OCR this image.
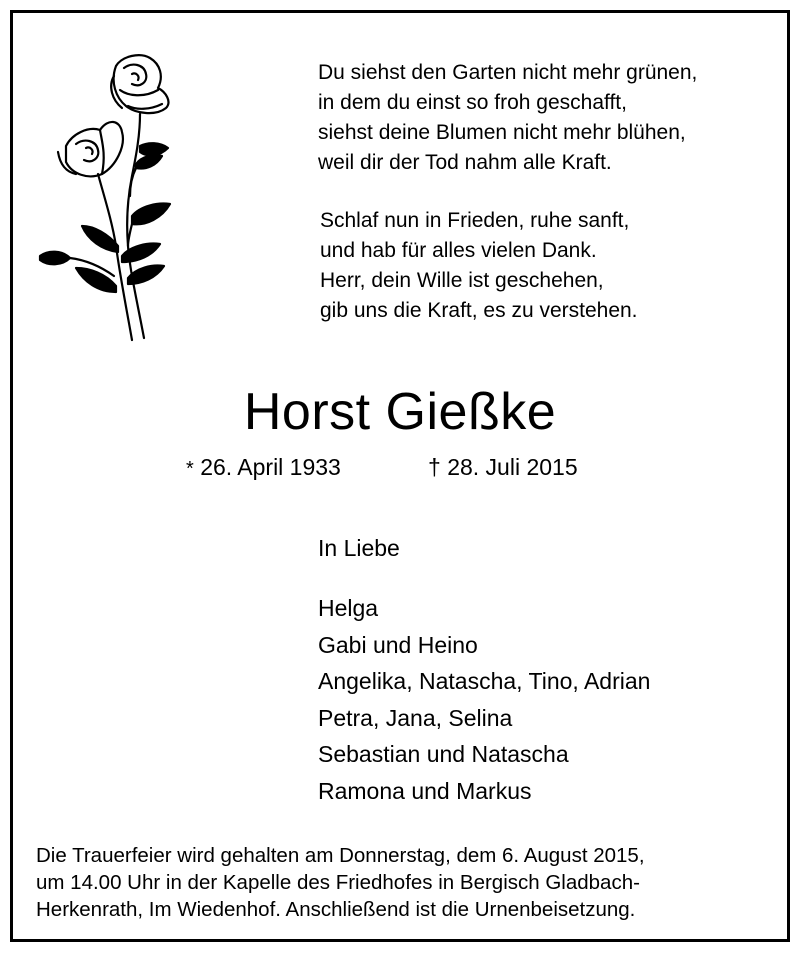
Du siehst den Garten nicht mehr grünen,
in dem du einst so froh geschafft,
siehst deine Blumen nicht mehr blühen,
weil dir der Tod nahm alle Kraft.
Schlaf nun in Frieden, ruhe sanft,
und hab für alles vielen Dank.
Herr, dein Wille ist geschehen,
gib uns die Kraft, es zu verstehen.
Horst Gießke
* 26. April 1933	† 28. Juli 2015
In Liebe
Helga
Gabi und Heino
Angelika, Natascha, Tino, Adrian
Petra, Jana, Selina
Sebastian und Natascha
Ramona und Markus
Die Trauerfeier wird gehalten am Donnerstag, dem 6. August 2015,
um 14.00 Uhr in der Kapelle des Friedhofes in Bergisch Gladbach-
Herkenrath, Im Wiedenhof. Anschließend ist die Urnenbeisetzung.
